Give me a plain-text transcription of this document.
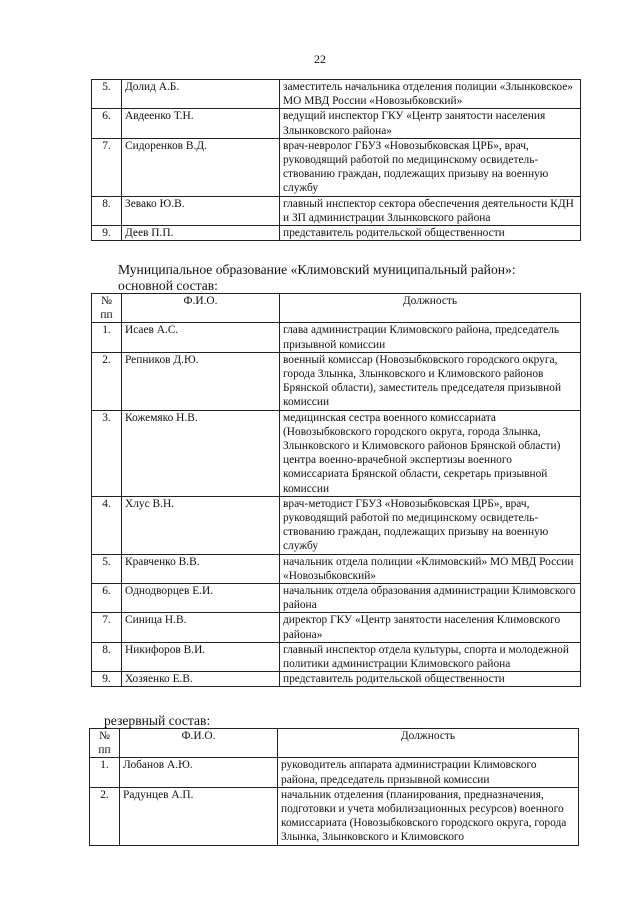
22
5.	Долид А.Б.	заместитель начальника отделения полиции «Злынковское» МО МВД России «Новозыбковский»
6.	Авдеенко Т.Н.	ведущий инспектор ГКУ «Центр занятости населения Злынковского района»
7.	Сидоренков В.Д.	врач-невролог ГБУЗ «Новозыбковская ЦРБ», врач, руководящий работой по медицинскому освидетель-ствованию граждан, подлежащих призыву на военную службу
8.	Зевако Ю.В.	главный инспектор сектора обеспечения деятельности КДН и ЗП администрации Злынковского района
9.	Деев П.П.	представитель родительской общественности
Муниципальное образование «Климовский муниципальный район»:
основной состав:
№ пп	Ф.И.О.	Должность
1.	Исаев А.С.	глава администрации Климовского района, председатель призывной комиссии
2.	Репников Д.Ю.	военный комиссар (Новозыбковского городского округа, города Злынка, Злынковского и Климовского районов Брянской области), заместитель председателя призывной комиссии
3.	Кожемяко Н.В.	медицинская сестра военного комиссариата (Новозыбковского городского округа, города Злынка, Злынковского и Климовского районов Брянской области) центра военно-врачебной экспертизы военного комиссариата Брянской области, секретарь призывной комиссии
4.	Хлус В.Н.	врач-методист ГБУЗ «Новозыбковская ЦРБ», врач, руководящий работой по медицинскому освидетель-ствованию граждан, подлежащих призыву на военную службу
5.	Кравченко В.В.	начальник отдела полиции «Климовский» МО МВД России «Новозыбковский»
6.	Однодворцев Е.И.	начальник отдела образования администрации Климовского района
7.	Синица Н.В.	директор ГКУ «Центр занятости населения Климовского района»
8.	Никифоров В.И.	главный инспектор отдела культуры, спорта и молодежной политики администрации Климовского района
9.	Хозяенко Е.В.	представитель родительской общественности
резервный состав:
№ пп	Ф.И.О.	Должность
1.	Лобанов А.Ю.	руководитель аппарата администрации Климовского района, председатель призывной комиссии
2.	Радунцев А.П.	начальник отделения (планирования, предназначения, подготовки и учета мобилизационных ресурсов) военного комиссариата (Новозыбковского городского округа, города Злынка, Злынковского и Климовского
